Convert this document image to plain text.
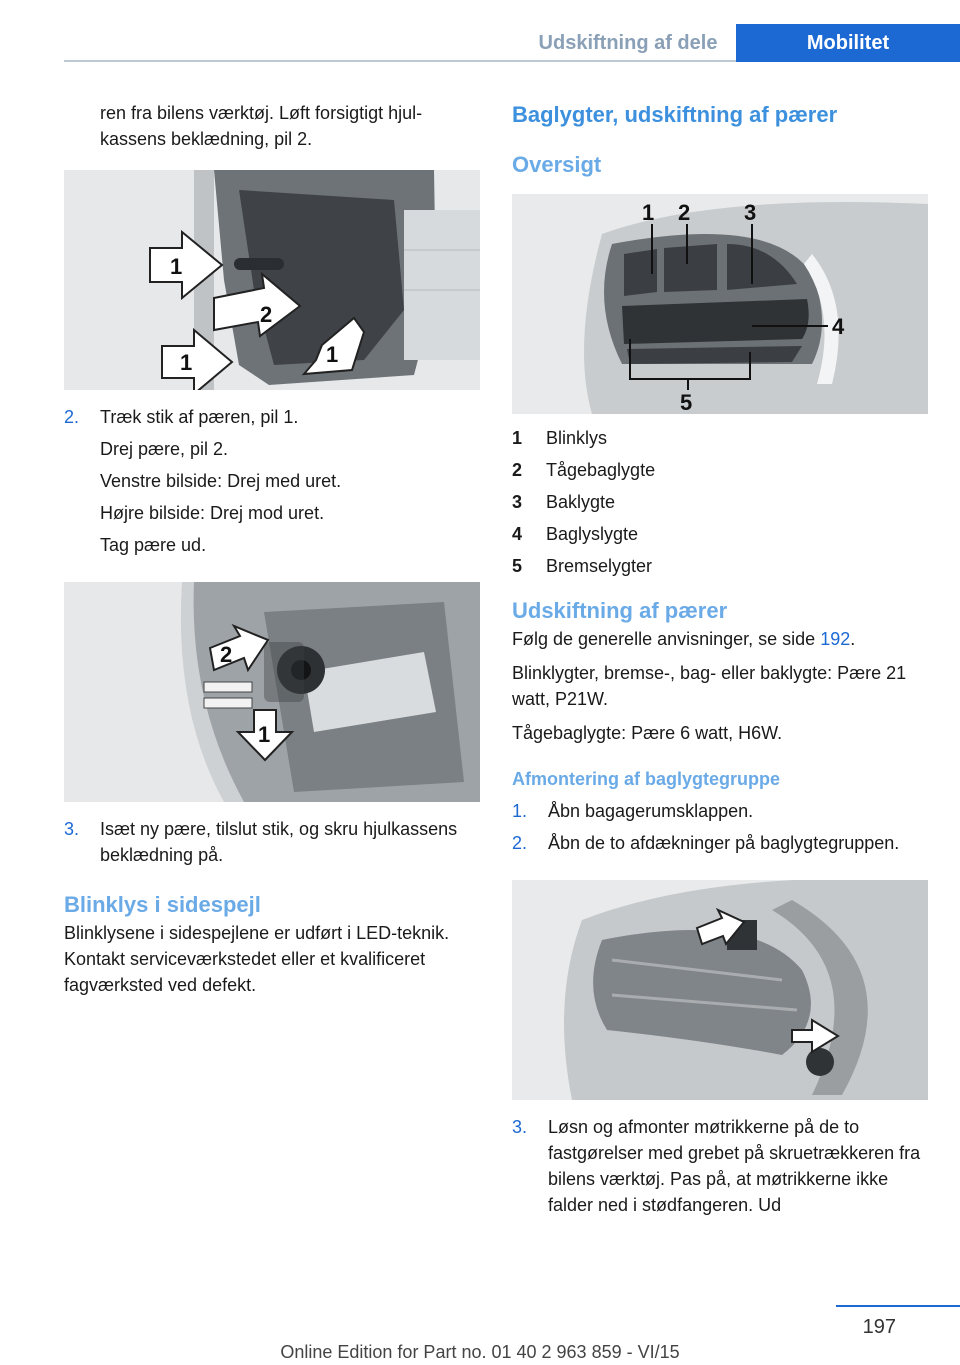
Udskiftning af dele	Mobilitet

ren fra bilens værktøj. Løft forsigtigt hjulkassens beklædning, pil 2.

1
2
1	1
2. Træk stik af pæren, pil 1.

Drej pære, pil 2.

Venstre bilside: Drej med uret.

Højre bilside: Drej mod uret.

Tag pære ud.

2
1
3. Isæt ny pære, tilslut stik, og skru hjulkassens beklædning på.

Blinklys i sidespejl

Blinklysene i sidespejlene er udført i LED-teknik. Kontakt serviceværkstedet eller et kvalificeret fagværksted ved defekt.

Baglygter, udskiftning af pærer
Oversigt
1 2 3
4
5
1 Blinklys
2 Tågebaglygte
3 Baklygte
4 Baglyslygte
5 Bremselygter
Udskiftning af pærer

Følg de generelle anvisninger, se side 192.

Blinklygter, bremse-, bag- eller baklygte: Pære 21 watt, P21W.

Tågebaglygte: Pære 6 watt, H6W.

Afmontering af baglygtegruppe
1. Åbn bagagerumsklappen.

2. Åbn de to afdækninger på baglygtegruppen.

3. Løsn og afmonter møtrikkerne på de to fastgørelser med grebet på skruetrækkeren fra bilens værktøj. Pas på, at møtrikkerne ikke falder ned i stødfangeren. Ud

197
Online Edition for Part no. 01 40 2 963 859 - VI/15
